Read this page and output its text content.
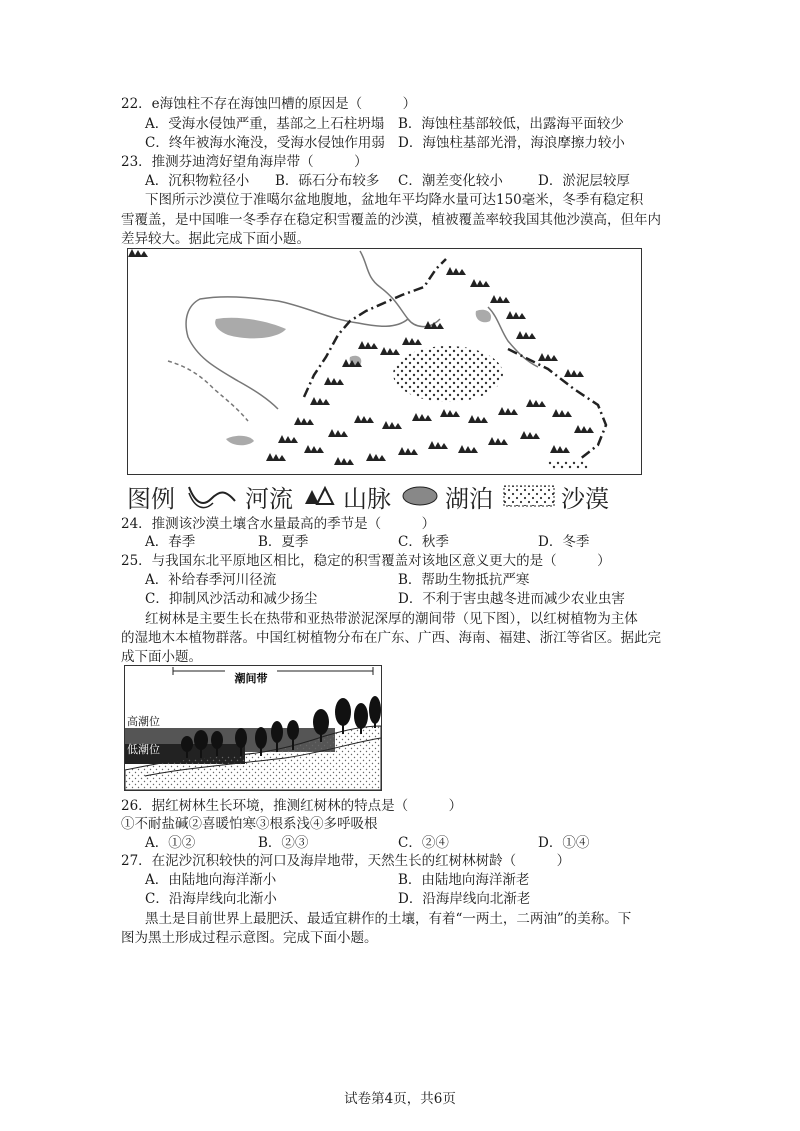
22．e海蚀柱不存在海蚀凹槽的原因是（　　　）
A．受海水侵蚀严重，基部之上石柱坍塌 B．海蚀柱基部较低，出露海平面较少
C．终年被海水淹没，受海水侵蚀作用弱 D．海蚀柱基部光滑，海浪摩擦力较小
23．推测芬迪湾好望角海岸带（　　　）
A．沉积物粒径小 B．砾石分布较多 C．潮差变化较小	D．淤泥层较厚
下图所示沙漠位于准噶尔盆地腹地，盆地年平均降水量可达150毫米，冬季有稳定积
雪覆盖，是中国唯一冬季存在稳定积雪覆盖的沙漠，植被覆盖率较我国其他沙漠高，但年内
差异较大。据此完成下面小题。
图例	河流 山脉 湖泊	沙漠
24．推测该沙漠土壤含水量最高的季节是（　　　）
A．春季	B．夏季	C．秋季	D．冬季
25．与我国东北平原地区相比，稳定的积雪覆盖对该地区意义更大的是（　　　）
A．补给春季河川径流	B．帮助生物抵抗严寒
C．抑制风沙活动和减少扬尘	D．不利于害虫越冬进而减少农业虫害
红树林是主要生长在热带和亚热带淤泥深厚的潮间带（见下图），以红树植物为主体
的湿地木本植物群落。中国红树植物分布在广东、广西、海南、福建、浙江等省区。据此完
成下面小题。
潮间带
高潮位
低潮位
26．据红树林生长环境，推测红树林的特点是（　　　）
①不耐盐碱②喜暖怕寒③根系浅④多呼吸根
A．①②	B．②③	C．②④	D．①④
27．在泥沙沉积较快的河口及海岸地带，天然生长的红树林树龄（　　　）
A．由陆地向海洋渐小	B．由陆地向海洋渐老
C．沿海岸线向北渐小	D．沿海岸线向北渐老
黑土是目前世界上最肥沃、最适宜耕作的土壤，有着“一两土，二两油”的美称。下
图为黑土形成过程示意图。完成下面小题。
试卷第4页，共6页
